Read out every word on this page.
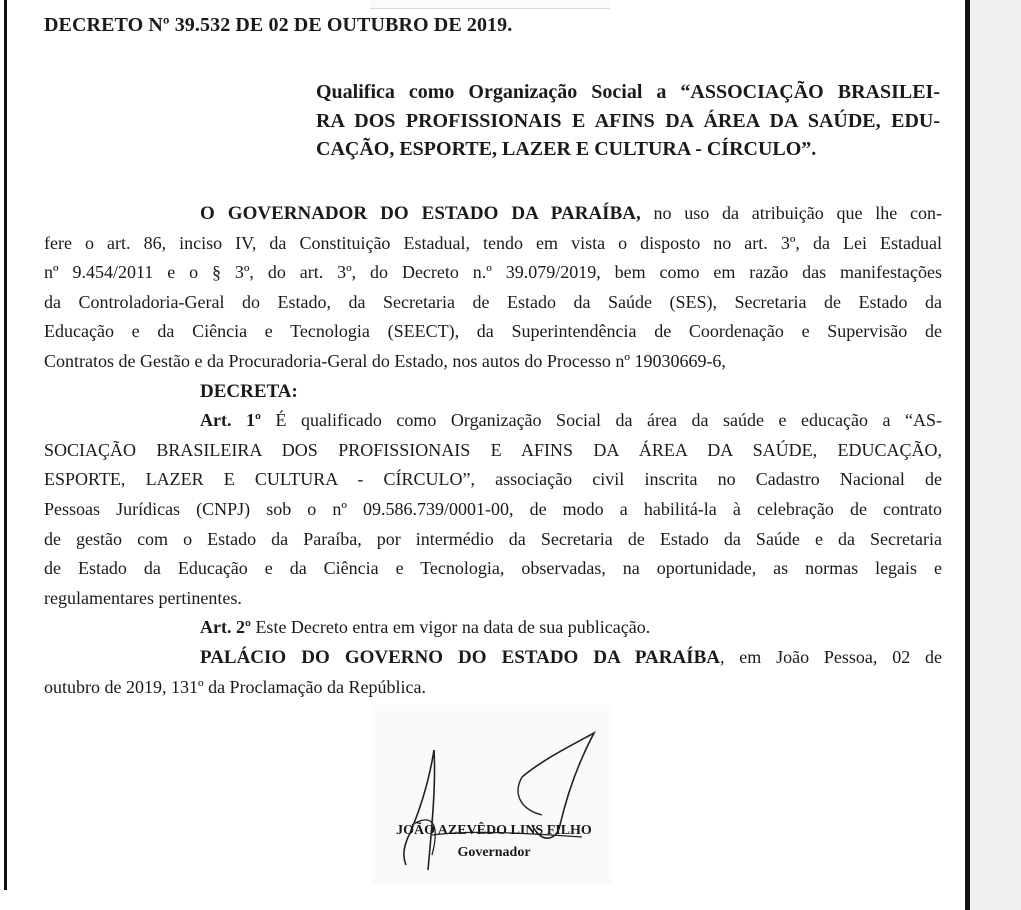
DECRETO Nº 39.532 DE 02 DE OUTUBRO DE 2019.
Qualifica como Organização Social a “ASSOCIAÇÃO BRASILEI-
RA DOS PROFISSIONAIS E AFINS DA ÁREA DA SAÚDE, EDU-
CAÇÃO, ESPORTE, LAZER E CULTURA - CÍRCULO”.
O GOVERNADOR DO ESTADO DA PARAÍBA, no uso da atribuição que lhe con-
fere o art. 86, inciso IV, da Constituição Estadual, tendo em vista o disposto no art. 3º, da Lei Estadual
nº 9.454/2011 e o § 3º, do art. 3º, do Decreto n.º 39.079/2019, bem como em razão das manifestações
da Controladoria-Geral do Estado, da Secretaria de Estado da Saúde (SES), Secretaria de Estado da
Educação e da Ciência e Tecnologia (SEECT), da Superintendência de Coordenação e Supervisão de
Contratos de Gestão e da Procuradoria-Geral do Estado, nos autos do Processo nº 19030669-6,
DECRETA:
Art. 1º É qualificado como Organização Social da área da saúde e educação a “AS-
SOCIAÇÃO BRASILEIRA DOS PROFISSIONAIS E AFINS DA ÁREA DA SAÚDE, EDUCAÇÃO,
ESPORTE, LAZER E CULTURA - CÍRCULO”, associação civil inscrita no Cadastro Nacional de
Pessoas Jurídicas (CNPJ) sob o nº 09.586.739/0001-00, de modo a habilitá-la à celebração de contrato
de gestão com o Estado da Paraíba, por intermédio da Secretaria de Estado da Saúde e da Secretaria
de Estado da Educação e da Ciência e Tecnologia, observadas, na oportunidade, as normas legais e
regulamentares pertinentes.
Art. 2º Este Decreto entra em vigor na data de sua publicação.
PALÁCIO DO GOVERNO DO ESTADO DA PARAÍBA, em João Pessoa, 02 de
outubro de 2019, 131º da Proclamação da República.
JOÃO AZEVÊDO LINS FILHO
Governador
